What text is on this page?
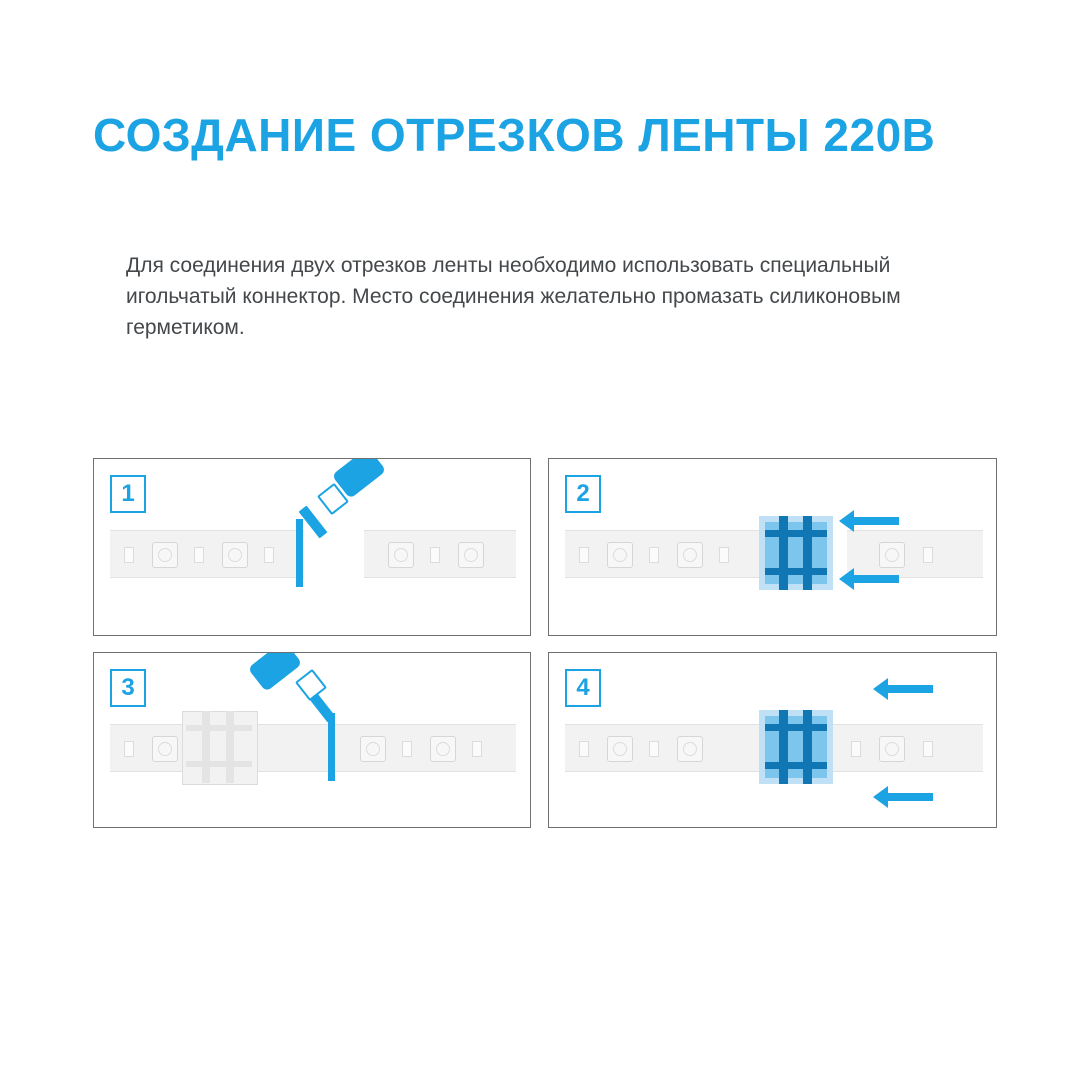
СОЗДАНИЕ ОТРЕЗКОВ ЛЕНТЫ 220В
Для соединения двух отрезков ленты необходимо использовать специальный игольчатый коннектор. Место соединения желательно промазать силиконовым герметиком.
1	2
3	4
